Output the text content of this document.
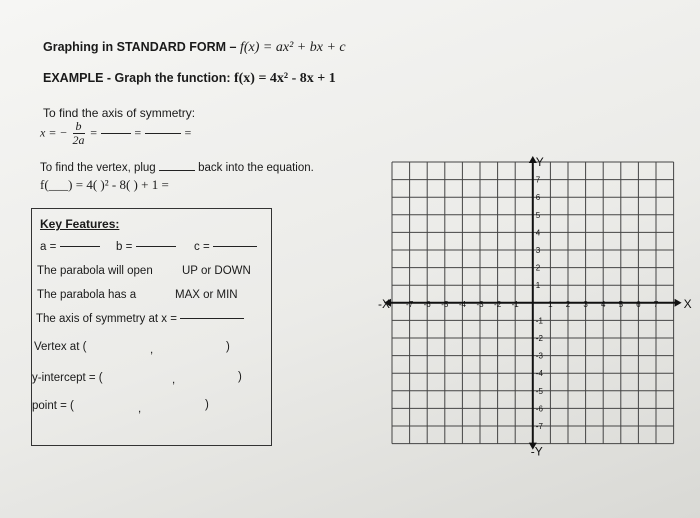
Graphing in STANDARD FORM – f(x) = ax² + bx + c
EXAMPLE - Graph the function: f(x) = 4x² - 8x + 1
To find the axis of symmetry:
x = − $\frac{b}{2a}$ =	=	=
To find the vertex, plug	back into the equation.
f(___) = 4( )² - 8( ) + 1 =
Key Features:
a =	b =	c =
The parabola will open	UP or DOWN
The parabola has a	MAX or MIN
The axis of symmetry at x =
Vertex at (	,	)
y-intercept = (	,	)
point = (	,	)
-7 -6 -5 -4 -3 -2 -1	1 2 3 4 5 6 7
7
6
5
4
3
2
1
-1
-2
-3
-4
-5
-6
-7
-X	X
Y
-Y
